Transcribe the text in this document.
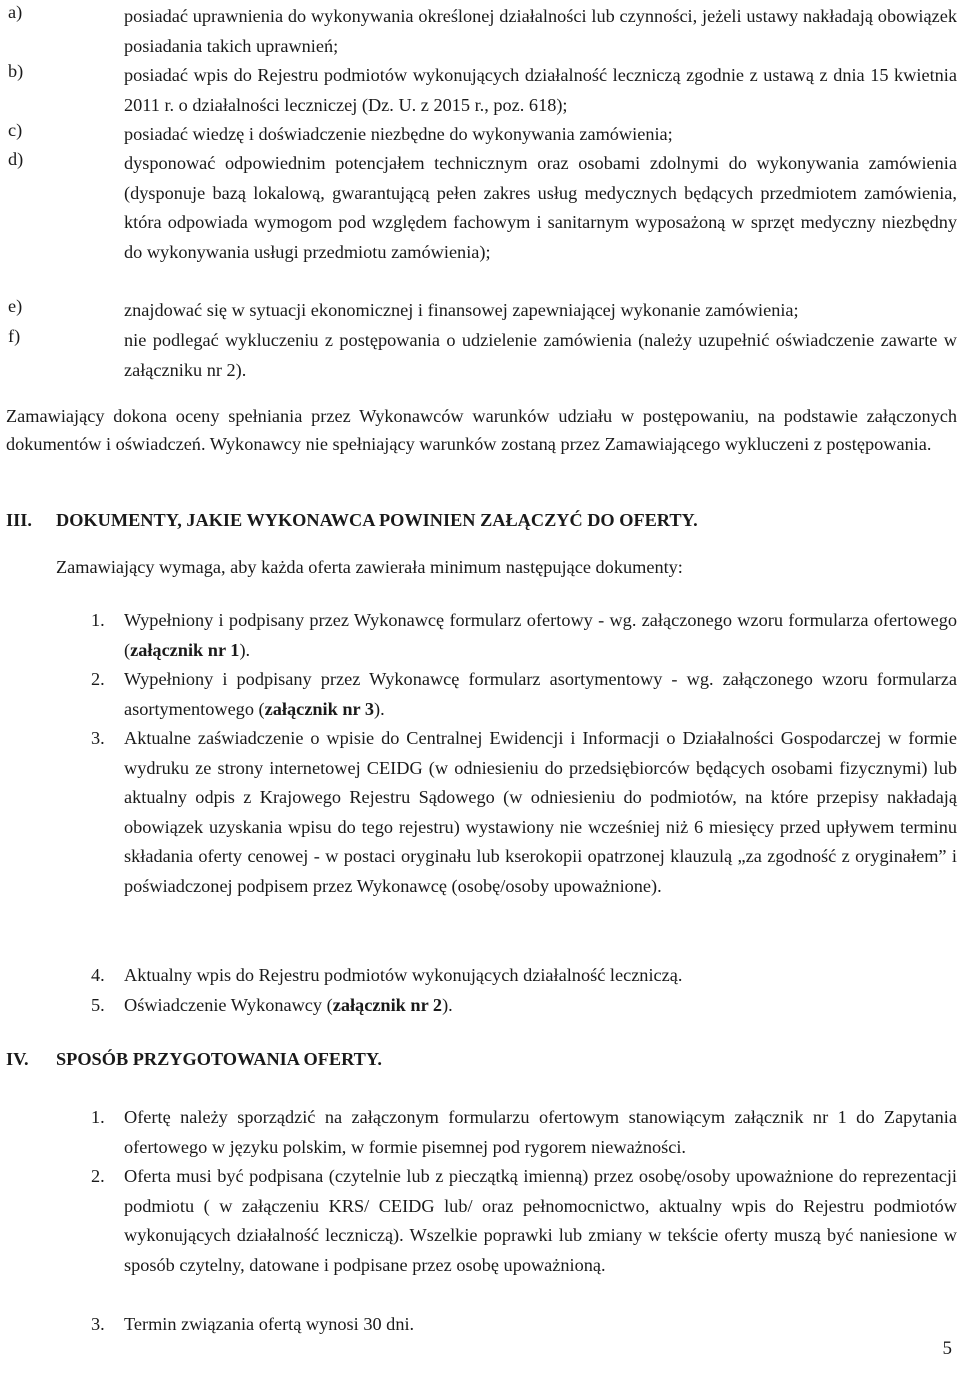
a)	posiadać uprawnienia do wykonywania określonej działalności lub czynności, jeżeli ustawy nakładają obowiązek posiadania takich uprawnień;
b)	posiadać wpis do Rejestru podmiotów wykonujących działalność leczniczą zgodnie z ustawą z dnia 15 kwietnia 2011 r. o działalności leczniczej (Dz. U. z 2015 r., poz. 618);
c)	posiadać wiedzę i doświadczenie niezbędne do wykonywania zamówienia;
d)	dysponować odpowiednim potencjałem technicznym oraz osobami zdolnymi do wykonywania zamówienia (dysponuje bazą lokalową, gwarantującą pełen zakres usług medycznych będących przedmiotem zamówienia, która odpowiada wymogom pod względem fachowym i sanitarnym wyposażoną w sprzęt medyczny niezbędny do wykonywania usługi przedmiotu zamówienia);
e)	znajdować się w sytuacji ekonomicznej i finansowej zapewniającej wykonanie zamówienia;
f)	nie podlegać wykluczeniu z postępowania o udzielenie zamówienia (należy uzupełnić oświadczenie zawarte w załączniku nr 2).
Zamawiający dokona oceny spełniania przez Wykonawców warunków udziału w postępowaniu, na podstawie załączonych dokumentów i oświadczeń. Wykonawcy nie spełniający warunków zostaną przez Zamawiającego wykluczeni z postępowania.
III. DOKUMENTY, JAKIE WYKONAWCA POWINIEN ZAŁĄCZYĆ DO OFERTY.
Zamawiający wymaga, aby każda oferta zawierała minimum następujące dokumenty:
1. Wypełniony i podpisany przez Wykonawcę formularz ofertowy - wg. załączonego wzoru formularza ofertowego (załącznik nr 1).
2. Wypełniony i podpisany przez Wykonawcę formularz asortymentowy - wg. załączonego wzoru formularza asortymentowego (załącznik nr 3).
3. Aktualne zaświadczenie o wpisie do Centralnej Ewidencji i Informacji o Działalności Gospodarczej w formie wydruku ze strony internetowej CEIDG (w odniesieniu do przedsiębiorców będących osobami fizycznymi) lub aktualny odpis z Krajowego Rejestru Sądowego (w odniesieniu do podmiotów, na które przepisy nakładają obowiązek uzyskania wpisu do tego rejestru) wystawiony nie wcześniej niż 6 miesięcy przed upływem terminu składania oferty cenowej - w postaci oryginału lub kserokopii opatrzonej klauzulą „za zgodność z oryginałem” i poświadczonej podpisem przez Wykonawcę (osobę/osoby upoważnione).
4. Aktualny wpis do Rejestru podmiotów wykonujących działalność leczniczą.
5. Oświadczenie Wykonawcy (załącznik nr 2).
IV. SPOSÓB PRZYGOTOWANIA OFERTY.
1. Ofertę należy sporządzić na załączonym formularzu ofertowym stanowiącym załącznik nr 1 do Zapytania ofertowego w języku polskim, w formie pisemnej pod rygorem nieważności.
2. Oferta musi być podpisana (czytelnie lub z pieczątką imienną) przez osobę/osoby upoważnione do reprezentacji podmiotu ( w załączeniu KRS/ CEIDG lub/ oraz pełnomocnictwo, aktualny wpis do Rejestru podmiotów wykonujących działalność leczniczą). Wszelkie poprawki lub zmiany w tekście oferty muszą być naniesione w sposób czytelny, datowane i podpisane przez osobę upoważnioną.
3. Termin związania ofertą wynosi 30 dni.
5
